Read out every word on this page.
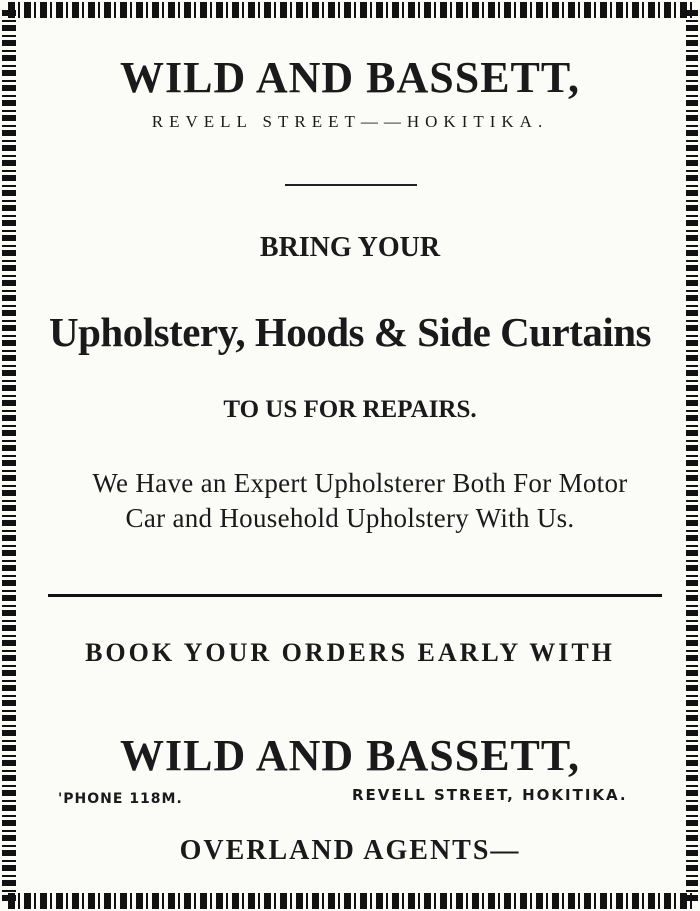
WILD AND BASSETT,
REVELL STREET——HOKITIKA.
BRING YOUR
Upholstery, Hoods & Side Curtains
TO US FOR REPAIRS.
We Have an Expert Upholsterer Both For Motor
Car and Household Upholstery With Us.
BOOK YOUR ORDERS EARLY WITH
WILD AND BASSETT,
'PHONE 118M.	REVELL STREET, HOKITIKA.
OVERLAND AGENTS—
